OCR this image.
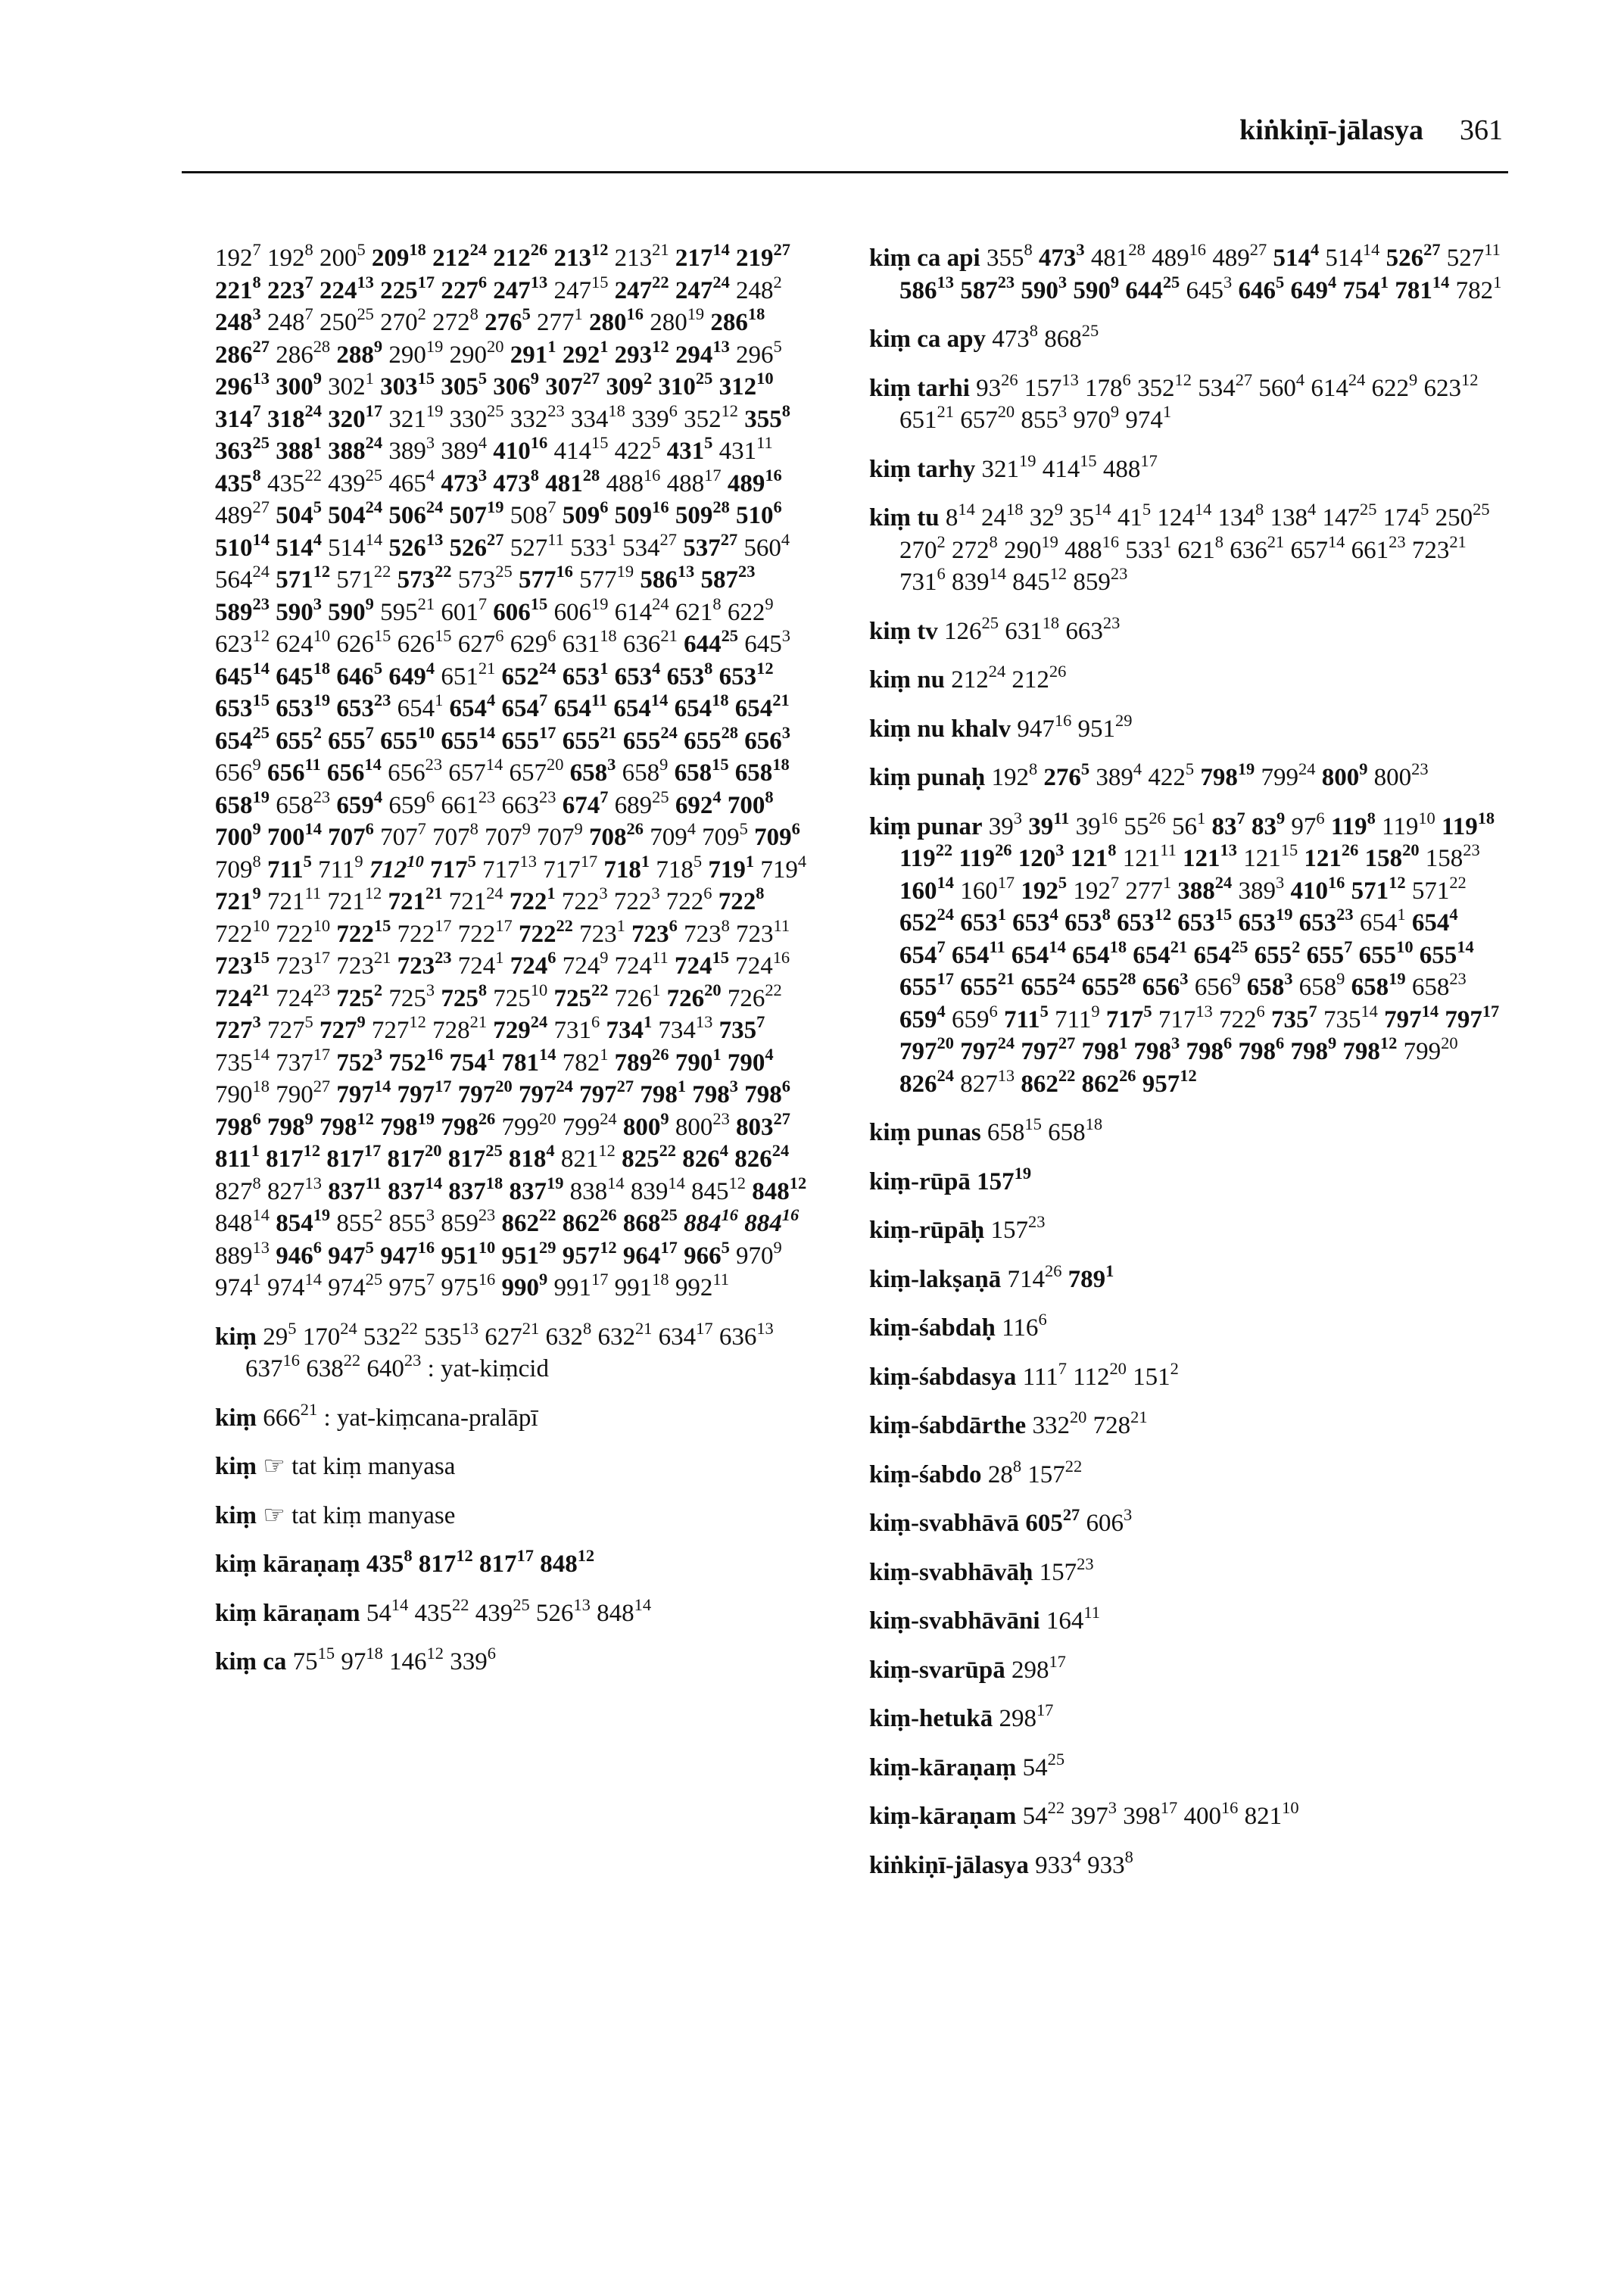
kiṅkiṇī-jālasya 361

$192^7$ $192^8$ $200^5$ $209^{18}$ $212^{24}$ $212^{26}$ $213^{12}$ $213^{21}$ $217^{14}$ $219^{27}$ $221^8$ $223^7$ $224^{13}$ $225^{17}$ $227^6$ $247^{13}$ $247^{15}$ $247^{22}$ $247^{24}$ $248^2$ $248^3$ $248^7$ $250^{25}$ $270^2$ $272^8$ $276^5$ $277^1$ $280^{16}$ $280^{19}$ $286^{18}$ $286^{27}$ $286^{28}$ $288^9$ $290^{19}$ $290^{20}$ $291^1$ $292^1$ $293^{12}$ $294^{13}$ $296^5$ $296^{13}$ $300^9$ $302^1$ $303^{15}$ $305^5$ $306^9$ $307^{27}$ $309^2$ $310^{25}$ $312^{10}$ $314^7$ $318^{24}$ $320^{17}$ $321^{19}$ $330^{25}$ $332^{23}$ $334^{18}$ $339^6$ $352^{12}$ $355^8$ $363^{25}$ $388^1$ $388^{24}$ $389^3$ $389^4$ $410^{16}$ $414^{15}$ $422^5$ $431^5$ $431^{11}$ $435^8$ $435^{22}$ $439^{25}$ $465^4$ $473^3$ $473^8$ $481^{28}$ $488^{16}$ $488^{17}$ $489^{16}$ $489^{27}$ $504^5$ $504^{24}$ $506^{24}$ $507^{19}$ $508^7$ $509^6$ $509^{16}$ $509^{28}$ $510^6$ $510^{14}$ $514^4$ $514^{14}$ $526^{13}$ $526^{27}$ $527^{11}$ $533^1$ $534^{27}$ $537^{27}$ $560^4$ $564^{24}$ $571^{12}$ $571^{22}$ $573^{22}$ $573^{25}$ $577^{16}$ $577^{19}$ $586^{13}$ $587^{23}$ $589^{23}$ $590^3$ $590^9$ $595^{21}$ $601^7$ $606^{15}$ $606^{19}$ $614^{24}$ $621^8$ $622^9$ $623^{12}$ $624^{10}$ $626^{15}$ $626^{15}$ $627^6$ $629^6$ $631^{18}$ $636^{21}$ $644^{25}$ $645^3$ $645^{14}$ $645^{18}$ $646^5$ $649^4$ $651^{21}$ $652^{24}$ $653^1$ $653^4$ $653^8$ $653^{12}$ $653^{15}$ $653^{19}$ $653^{23}$ $654^1$ $654^4$ $654^7$ $654^{11}$ $654^{14}$ $654^{18}$ $654^{21}$ $654^{25}$ $655^2$ $655^7$ $655^{10}$ $655^{14}$ $655^{17}$ $655^{21}$ $655^{24}$ $655^{28}$ $656^3$ $656^9$ $656^{11}$ $656^{14}$ $656^{23}$ $657^{14}$ $657^{20}$ $658^3$ $658^9$ $658^{15}$ $658^{18}$ $658^{19}$ $658^{23}$ $659^4$ $659^6$ $661^{23}$ $663^{23}$ $674^7$ $689^{25}$ $692^4$ $700^8$ $700^9$ $700^{14}$ $707^6$ $707^7$ $707^8$ $707^9$ $707^9$ $708^{26}$ $709^4$ $709^5$ $709^6$ $709^8$ $711^5$ $711^9$ $712^{10}$ $717^5$ $717^{13}$ $717^{17}$ $718^1$ $718^5$ $719^1$ $719^4$ $721^9$ $721^{11}$ $721^{12}$ $721^{21}$ $721^{24}$ $722^1$ $722^3$ $722^3$ $722^6$ $722^8$ $722^{10}$ $722^{10}$ $722^{15}$ $722^{17}$ $722^{17}$ $722^{22}$ $723^1$ $723^6$ $723^8$ $723^{11}$ $723^{15}$ $723^{17}$ $723^{21}$ $723^{23}$ $724^1$ $724^6$ $724^9$ $724^{11}$ $724^{15}$ $724^{16}$ $724^{21}$ $724^{23}$ $725^2$ $725^3$ $725^8$ $725^{10}$ $725^{22}$ $726^1$ $726^{20}$ $726^{22}$ $727^3$ $727^5$ $727^9$ $727^{12}$ $728^{21}$ $729^{24}$ $731^6$ $734^1$ $734^{13}$ $735^7$ $735^{14}$ $737^{17}$ $752^3$ $752^{16}$ $754^1$ $781^{14}$ $782^1$ $789^{26}$ $790^1$ $790^4$ $790^{18}$ $790^{27}$ $797^{14}$ $797^{17}$ $797^{20}$ $797^{24}$ $797^{27}$ $798^1$ $798^3$ $798^6$ $798^6$ $798^9$ $798^{12}$ $798^{19}$ $798^{26}$ $799^{20}$ $799^{24}$ $800^9$ $800^{23}$ $803^{27}$ $811^1$ $817^{12}$ $817^{17}$ $817^{20}$ $817^{25}$ $818^4$ $821^{12}$ $825^{22}$ $826^4$ $826^{24}$ $827^8$ $827^{13}$ $837^{11}$ $837^{14}$ $837^{18}$ $837^{19}$ $838^{14}$ $839^{14}$ $845^{12}$ $848^{12}$ $848^{14}$ $854^{19}$ $855^2$ $855^3$ $859^{23}$ $862^{22}$ $862^{26}$ $868^{25}$ $884^{16}$ $884^{16}$ $889^{13}$ $946^6$ $947^5$ $947^{16}$ $951^{10}$ $951^{29}$ $957^{12}$ $964^{17}$ $966^5$ $970^9$ $974^1$ $974^{14}$ $974^{25}$ $975^7$ $975^{16}$ $990^9$ $991^{17}$ $991^{18}$ $992^{11}$

kiṃ $29^5$ $170^{24}$ $532^{22}$ $535^{13}$ $627^{21}$ $632^8$ $632^{21}$ $634^{17}$ $636^{13}$ $637^{16}$ $638^{22}$ $640^{23}$ : yat-kiṃcid

kiṃ $666^{21}$ : yat-kiṃcana-pralāpī

kiṃ ☞ tat kiṃ manyasa

kiṃ ☞ tat kiṃ manyase

kiṃ kāraṇaṃ $435^8$ $817^{12}$ $817^{17}$ $848^{12}$

kiṃ kāraṇam $54^{14}$ $435^{22}$ $439^{25}$ $526^{13}$ $848^{14}$

kiṃ ca $75^{15}$ $97^{18}$ $146^{12}$ $339^6$

kiṃ ca api $355^8$ $473^3$ $481^{28}$ $489^{16}$ $489^{27}$ $514^4$ $514^{14}$ $526^{27}$ $527^{11}$ $586^{13}$ $587^{23}$ $590^3$ $590^9$ $644^{25}$ $645^3$ $646^5$ $649^4$ $754^1$ $781^{14}$ $782^1$

kiṃ ca apy $473^8$ $868^{25}$

kiṃ tarhi $93^{26}$ $157^{13}$ $178^6$ $352^{12}$ $534^{27}$ $560^4$ $614^{24}$ $622^9$ $623^{12}$ $651^{21}$ $657^{20}$ $855^3$ $970^9$ $974^1$

kiṃ tarhy $321^{19}$ $414^{15}$ $488^{17}$

kiṃ tu $8^{14}$ $24^{18}$ $32^9$ $35^{14}$ $41^5$ $124^{14}$ $134^8$ $138^4$ $147^{25}$ $174^5$ $250^{25}$ $270^2$ $272^8$ $290^{19}$ $488^{16}$ $533^1$ $621^8$ $636^{21}$ $657^{14}$ $661^{23}$ $723^{21}$ $731^6$ $839^{14}$ $845^{12}$ $859^{23}$

kiṃ tv $126^{25}$ $631^{18}$ $663^{23}$

kiṃ nu $212^{24}$ $212^{26}$

kiṃ nu khalv $947^{16}$ $951^{29}$

kiṃ punaḥ $192^8$ $276^5$ $389^4$ $422^5$ $798^{19}$ $799^{24}$ $800^9$ $800^{23}$

kiṃ punar $39^3$ $39^{11}$ $39^{16}$ $55^{26}$ $56^1$ $83^7$ $83^9$ $97^6$ $119^8$ $119^{10}$ $119^{18}$ $119^{22}$ $119^{26}$ $120^3$ $121^8$ $121^{11}$ $121^{13}$ $121^{15}$ $121^{26}$ $158^{20}$ $158^{23}$ $160^{14}$ $160^{17}$ $192^5$ $192^7$ $277^1$ $388^{24}$ $389^3$ $410^{16}$ $571^{12}$ $571^{22}$ $652^{24}$ $653^1$ $653^4$ $653^8$ $653^{12}$ $653^{15}$ $653^{19}$ $653^{23}$ $654^1$ $654^4$ $654^7$ $654^{11}$ $654^{14}$ $654^{18}$ $654^{21}$ $654^{25}$ $655^2$ $655^7$ $655^{10}$ $655^{14}$ $655^{17}$ $655^{21}$ $655^{24}$ $655^{28}$ $656^3$ $656^9$ $658^3$ $658^9$ $658^{19}$ $658^{23}$ $659^4$ $659^6$ $711^5$ $711^9$ $717^5$ $717^{13}$ $722^6$ $735^7$ $735^{14}$ $797^{14}$ $797^{17}$ $797^{20}$ $797^{24}$ $797^{27}$ $798^1$ $798^3$ $798^6$ $798^6$ $798^9$ $798^{12}$ $799^{20}$ $826^{24}$ $827^{13}$ $862^{22}$ $862^{26}$ $957^{12}$

kiṃ punas $658^{15}$ $658^{18}$

kiṃ-rūpā $157^{19}$

kiṃ-rūpāḥ $157^{23}$

kiṃ-lakṣaṇā $714^{26}$ $789^1$

kiṃ-śabdaḥ $116^6$

kiṃ-śabdasya $111^7$ $112^{20}$ $151^2$

kiṃ-śabdārthe $332^{20}$ $728^{21}$

kiṃ-śabdo $28^8$ $157^{22}$

kiṃ-svabhāvā $605^{27}$ $606^3$

kiṃ-svabhāvāḥ $157^{23}$

kiṃ-svabhāvāni $164^{11}$

kiṃ-svarūpā $298^{17}$

kiṃ-hetukā $298^{17}$

kiṃ-kāraṇaṃ $54^{25}$

kiṃ-kāraṇam $54^{22}$ $397^3$ $398^{17}$ $400^{16}$ $821^{10}$

kiṅkiṇī-jālasya $933^4$ $933^8$
